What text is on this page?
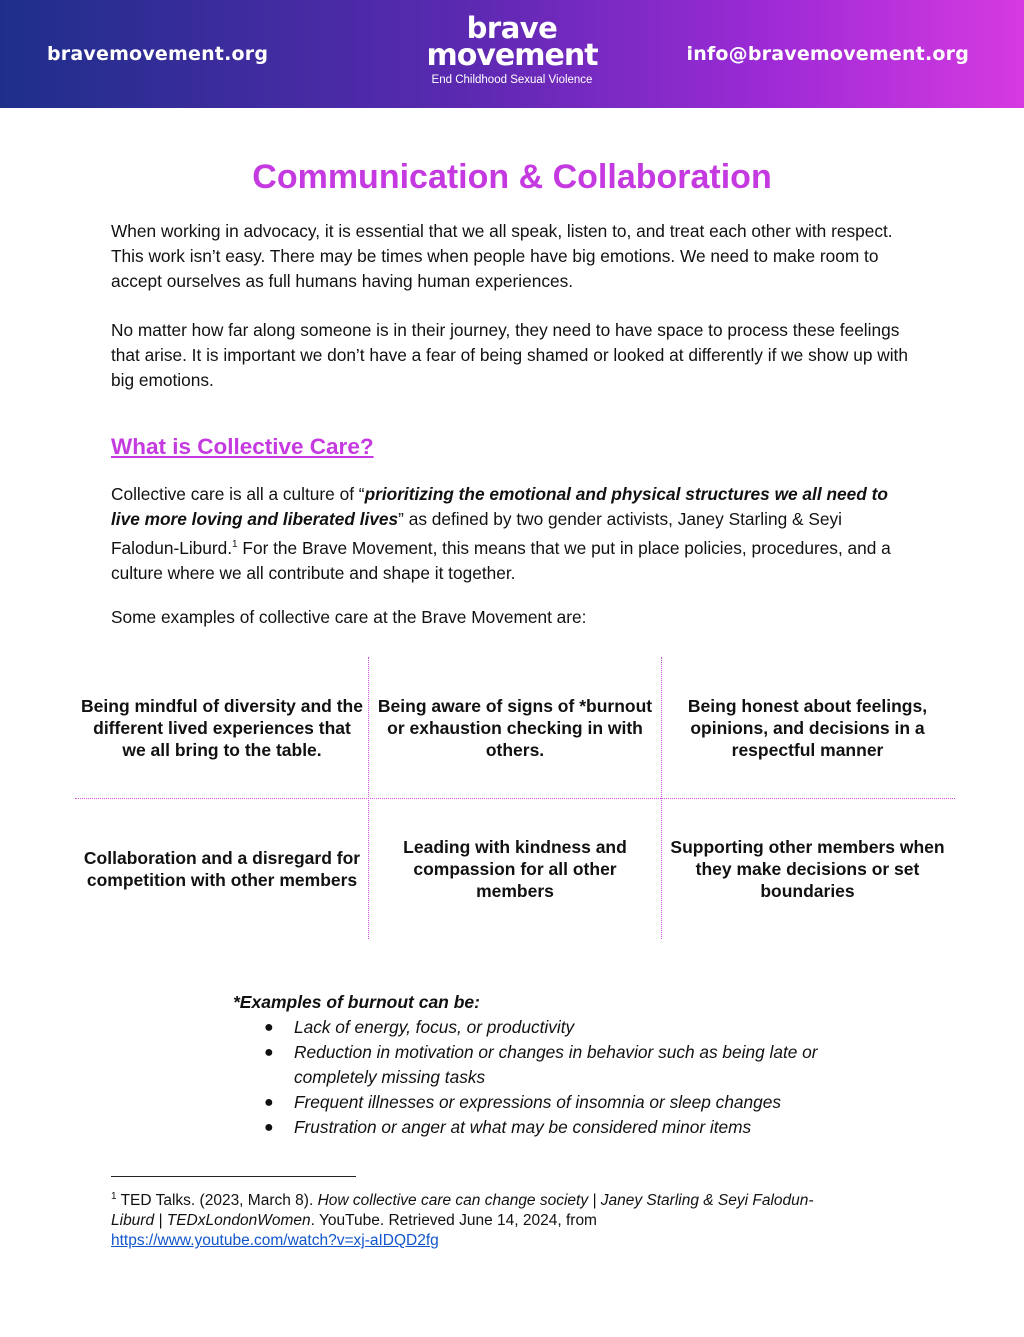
bravemovement.org
brave
movement
End Childhood Sexual Violence
info@bravemovement.org
Communication & Collaboration

When working in advocacy, it is essential that we all speak, listen to, and treat each other with respect. This work isn’t easy. There may be times when people have big emotions. We need to make room to accept ourselves as full humans having human experiences.

No matter how far along someone is in their journey, they need to have space to process these feelings that arise. It is important we don’t have a fear of being shamed or looked at differently if we show up with big emotions.

What is Collective Care?

Collective care is all a culture of “prioritizing the emotional and physical structures we all need to live more loving and liberated lives” as defined by two gender activists, Janey Starling & Seyi Falodun-Liburd.$^1$ For the Brave Movement, this means that we put in place policies, procedures, and a culture where we all contribute and shape it together.

Some examples of collective care at the Brave Movement are:

Being mindful of diversity and the different lived experiences that we all bring to the table.
Being aware of signs of *burnout or exhaustion checking in with others.
Being honest about feelings, opinions, and decisions in a respectful manner
Collaboration and a disregard for competition with other members
Leading with kindness and compassion for all other members
Supporting other members when they make decisions or set boundaries
*Examples of burnout can be:
● Lack of energy, focus, or productivity
● Reduction in motivation or changes in behavior such as being late or completely missing tasks
● Frequent illnesses or expressions of insomnia or sleep changes
● Frustration or anger at what may be considered minor items
$^1$ TED Talks. (2023, March 8). How collective care can change society | Janey Starling & Seyi Falodun-Liburd | TEDxLondonWomen. YouTube. Retrieved June 14, 2024, from
https://www.youtube.com/watch?v=xj-aIDQD2fg
